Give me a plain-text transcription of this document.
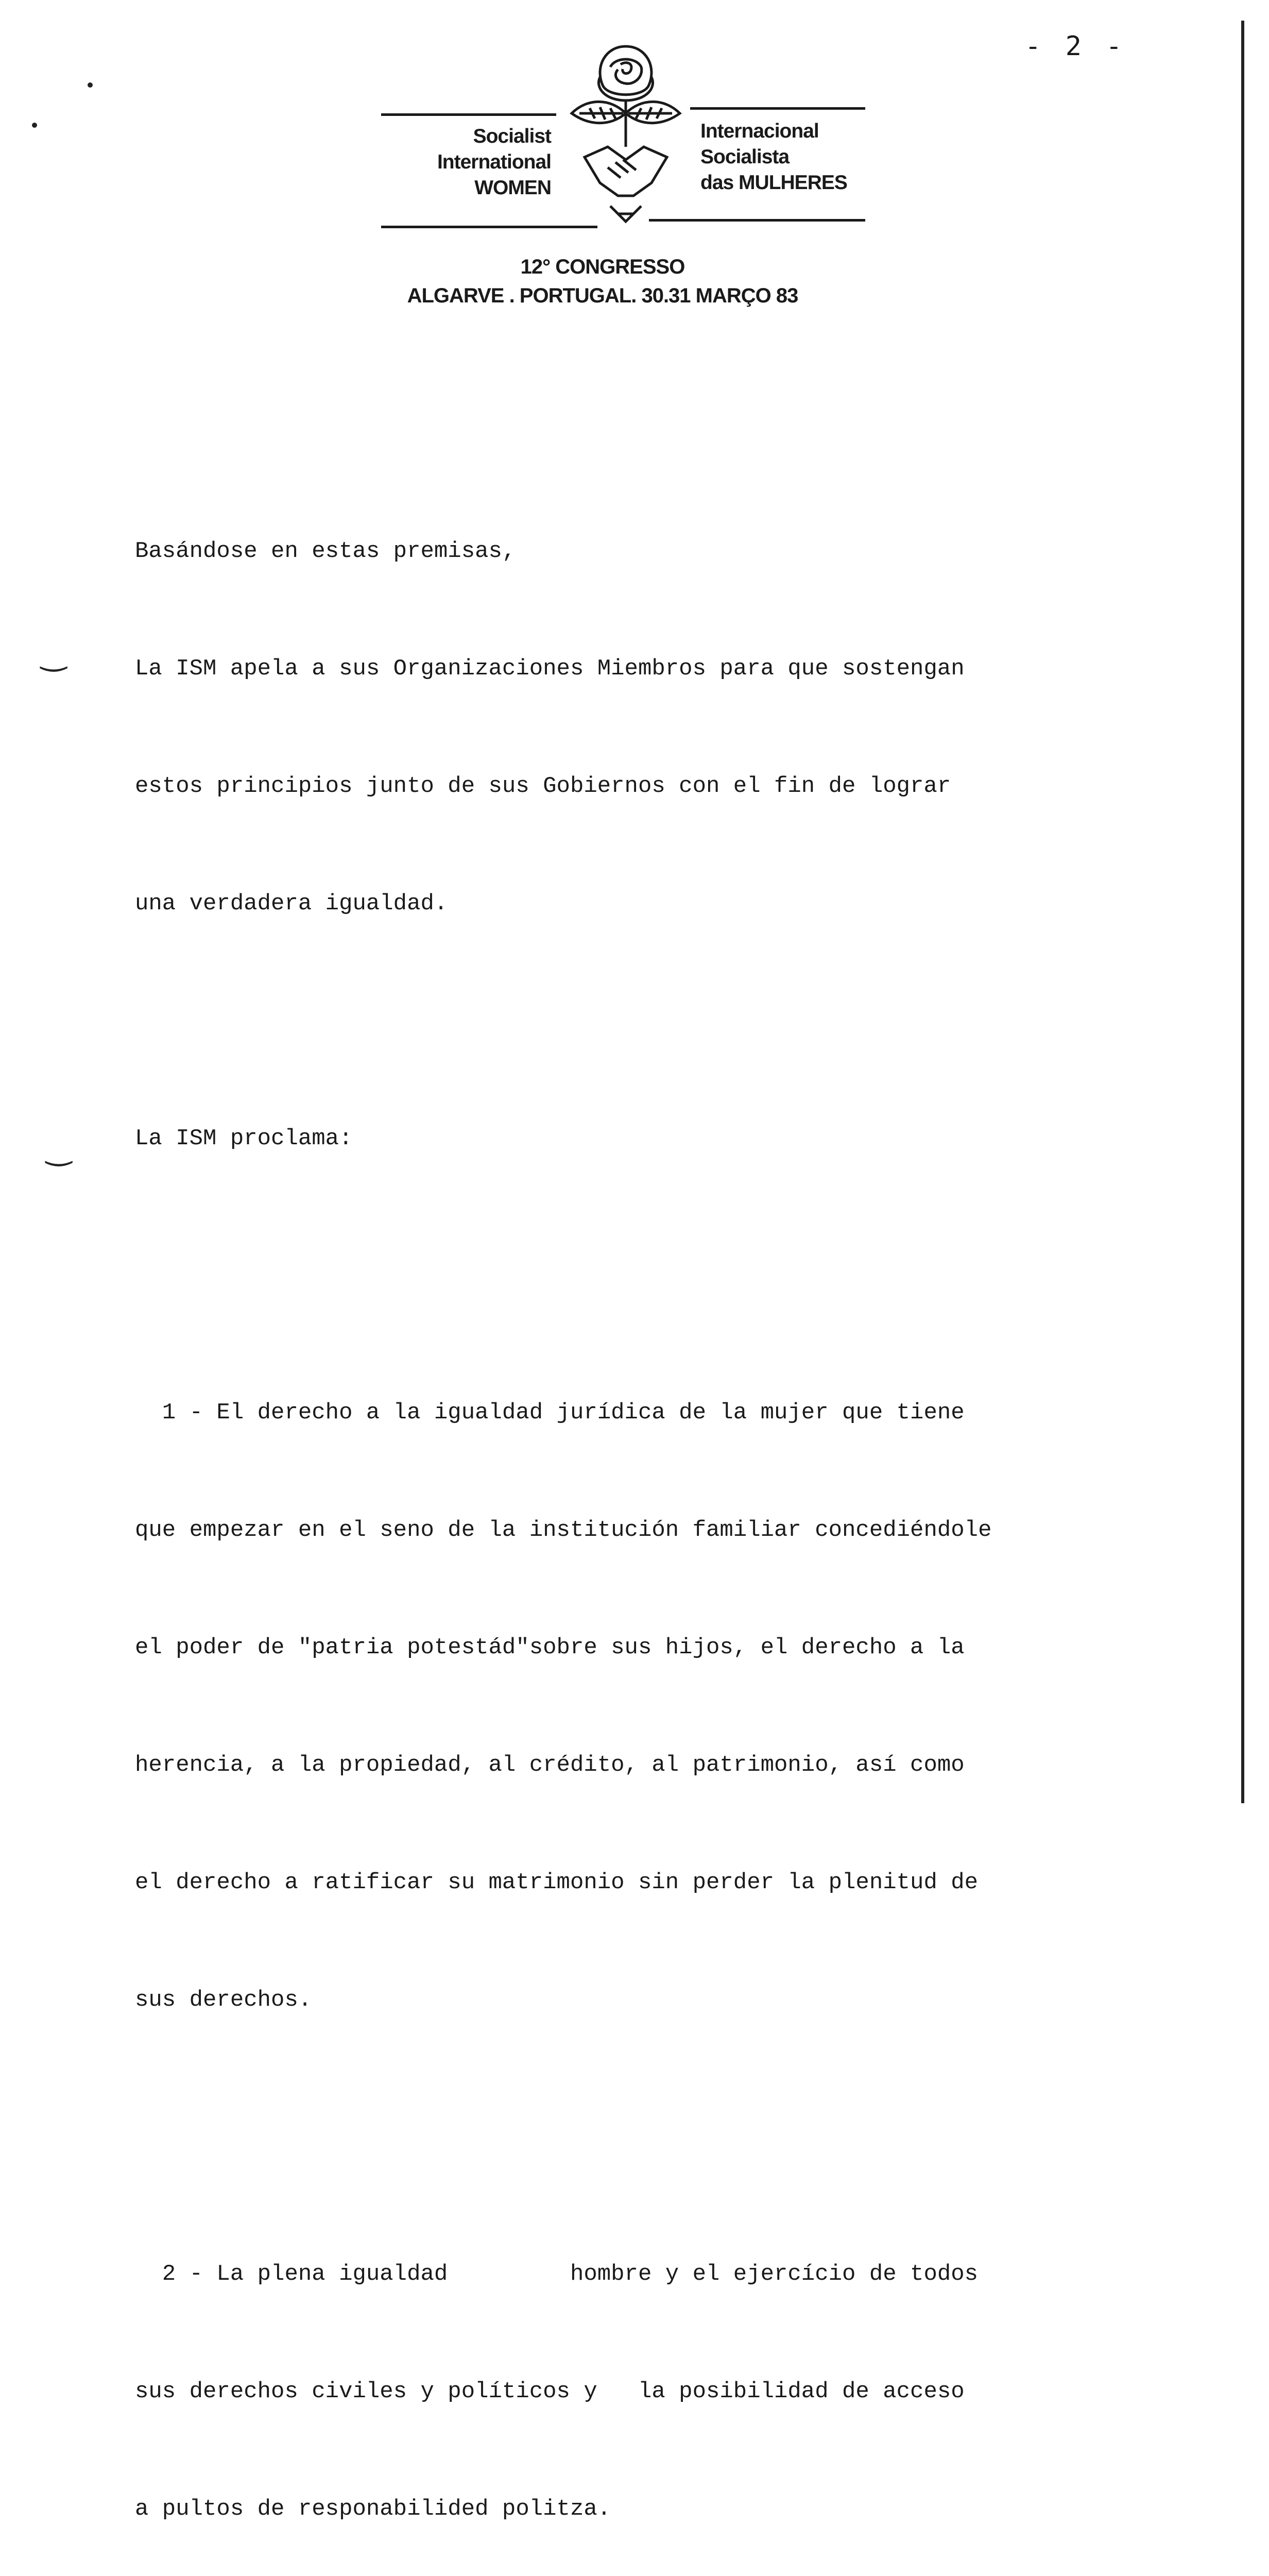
- 2 -
Socialist
International
WOMEN
Internacional
Socialista
das MULHERES
12° CONGRESSO
ALGARVE . PORTUGAL. 30.31 MARÇO 83

Basándose en estas premisas,

La ISM apela a sus Organizaciones Miembros para que sostengan

estos principios junto de sus Gobiernos con el fin de lograr

una verdadera igualdad.

La ISM proclama:

1 - El derecho a la igualdad jurídica de la mujer que tiene

que empezar en el seno de la institución familiar concediéndole

el poder de "patria potestád"sobre sus hijos, el derecho a la

herencia, a la propiedad, al crédito, al patrimonio, así como

el derecho a ratificar su matrimonio sin perder la plenitud de

sus derechos.

2 - La plena igualdad         hombre y el ejercício de todos

sus derechos civiles y políticos y   la posibilidad de acceso

a pultos de responabilided politza.

‿
‿
